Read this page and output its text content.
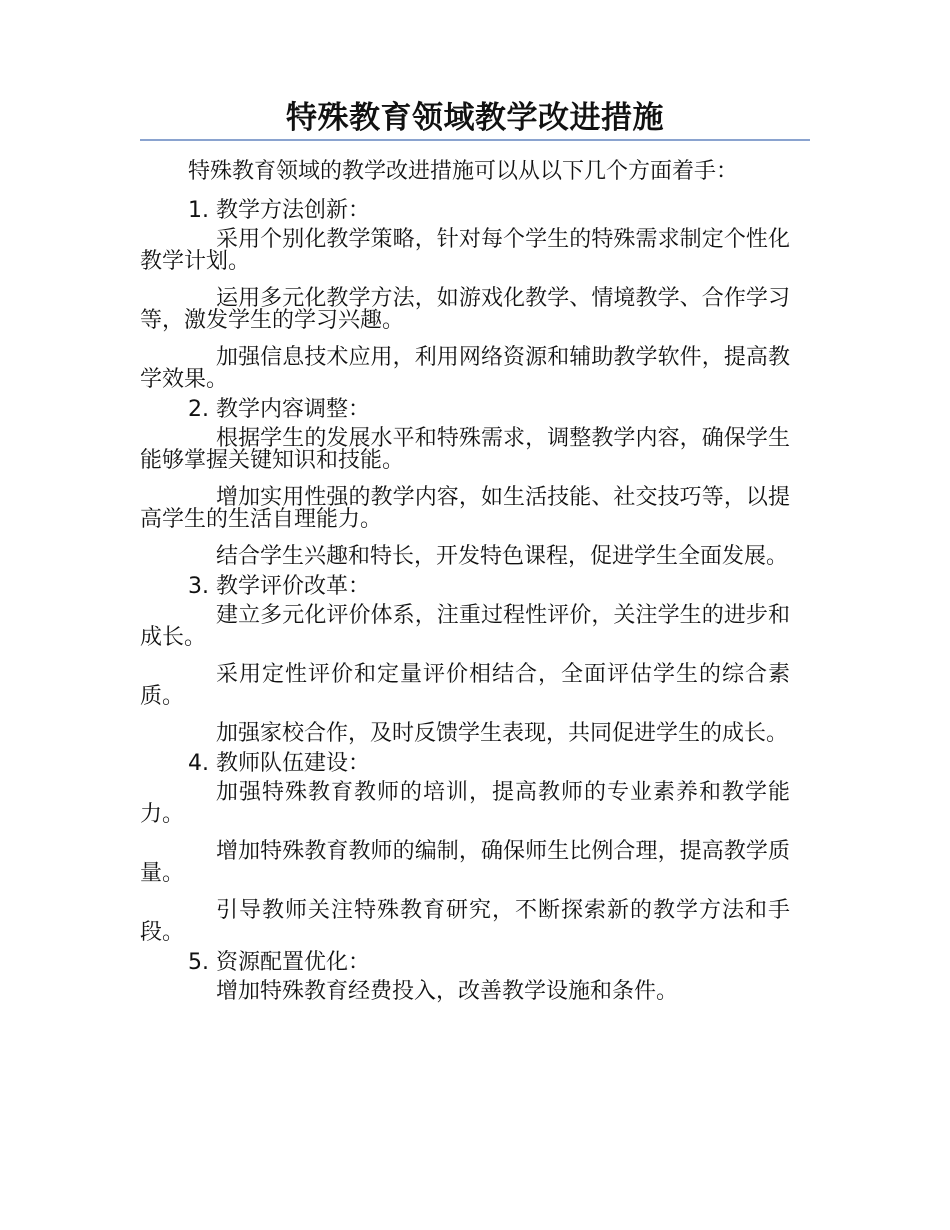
特殊教育领域教学改进措施

特殊教育领域的教学改进措施可以从以下几个方面着手：

1. 教学方法创新：

采用个别化教学策略，针对每个学生的特殊需求制定个性化教学计划。

运用多元化教学方法，如游戏化教学、情境教学、合作学习等，激发学生的学习兴趣。

加强信息技术应用，利用网络资源和辅助教学软件，提高教学效果。

2. 教学内容调整：

根据学生的发展水平和特殊需求，调整教学内容，确保学生能够掌握关键知识和技能。

增加实用性强的教学内容，如生活技能、社交技巧等，以提高学生的生活自理能力。

结合学生兴趣和特长，开发特色课程，促进学生全面发展。

3. 教学评价改革：

建立多元化评价体系，注重过程性评价，关注学生的进步和成长。

采用定性评价和定量评价相结合，全面评估学生的综合素质。

加强家校合作，及时反馈学生表现，共同促进学生的成长。

4. 教师队伍建设：

加强特殊教育教师的培训，提高教师的专业素养和教学能力。

增加特殊教育教师的编制，确保师生比例合理，提高教学质量。

引导教师关注特殊教育研究，不断探索新的教学方法和手段。

5. 资源配置优化：

增加特殊教育经费投入，改善教学设施和条件。
